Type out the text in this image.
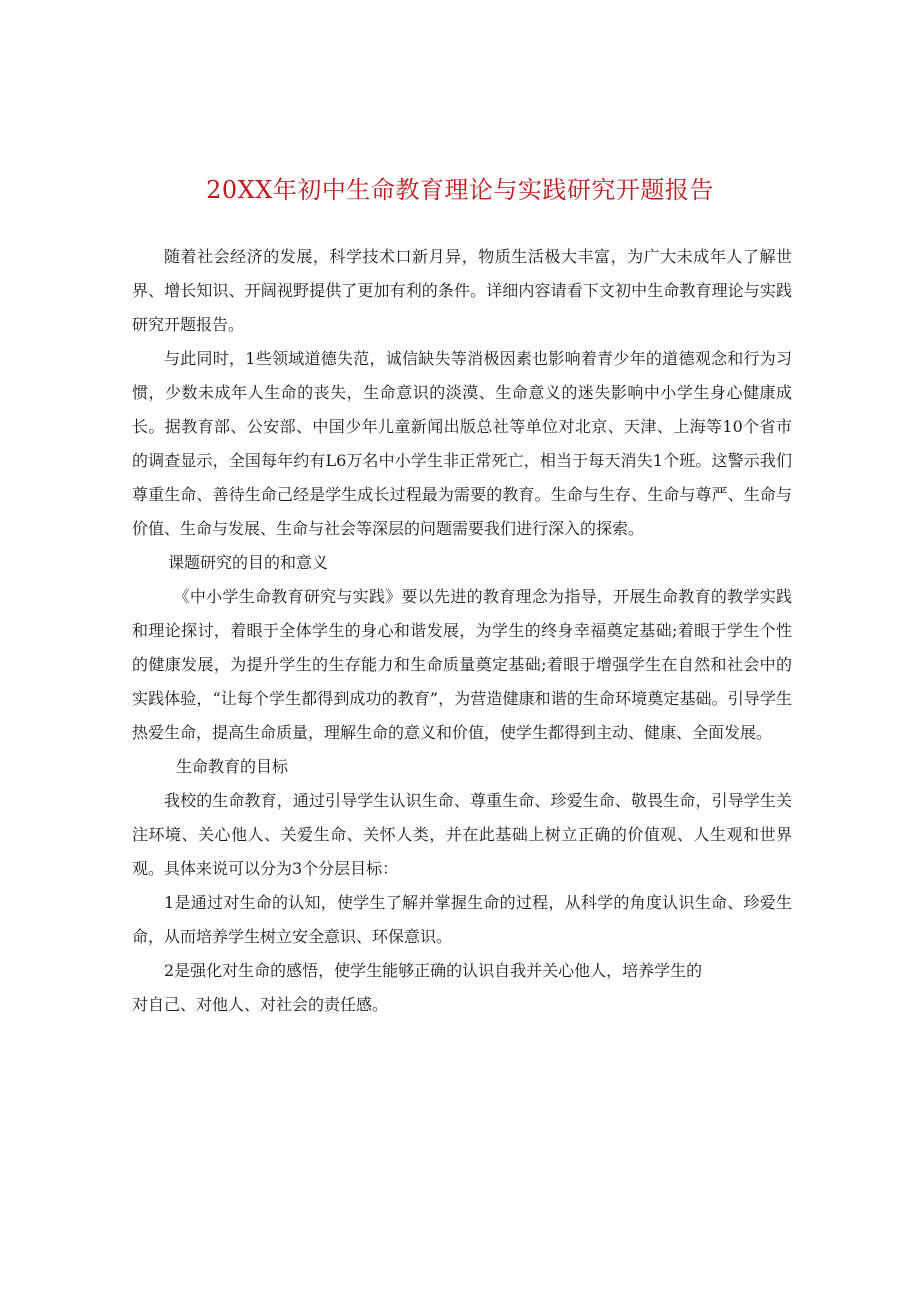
20XX年初中生命教育理论与实践研究开题报告

随着社会经济的发展，科学技术口新月异，物质生活极大丰富，为广大未成年人了解世界、增长知识、开阔视野提供了更加有利的条件。详细内容请看下文初中生命教育理论与实践研究开题报告。

与此同时，1些领域道德失范，诚信缺失等消极因素也影响着青少年的道德观念和行为习惯，少数未成年人生命的丧失，生命意识的淡漠、生命意义的迷失影响中小学生身心健康成长。据教育部、公安部、中国少年儿童新闻出版总社等单位对北京、天津、上海等10个省市的调查显示，全国每年约有L6万名中小学生非正常死亡，相当于每天消失1个班。这警示我们尊重生命、善待生命己经是学生成长过程最为需要的教育。生命与生存、生命与尊严、生命与价值、生命与发展、生命与社会等深层的问题需要我们进行深入的探索。

课题研究的目的和意义

《中小学生命教育研究与实践》要以先进的教育理念为指导，开展生命教育的教学实践和理论探讨，着眼于全体学生的身心和谐发展，为学生的终身幸福奠定基础;着眼于学生个性的健康发展，为提升学生的生存能力和生命质量奠定基础;着眼于增强学生在自然和社会中的实践体验，“让每个学生都得到成功的教育”，为营造健康和谐的生命环境奠定基础。引导学生热爱生命，提高生命质量，理解生命的意义和价值，使学生都得到主动、健康、全面发展。

生命教育的目标

我校的生命教育，通过引导学生认识生命、尊重生命、珍爱生命、敬畏生命，引导学生关注环境、关心他人、关爱生命、关怀人类，并在此基础上树立正确的价值观、人生观和世界观。具体来说可以分为3个分层目标：

1是通过对生命的认知，使学生了解并掌握生命的过程，从科学的角度认识生命、珍爱生命，从而培养学生树立安全意识、环保意识。

2是强化对生命的感悟，使学生能够正确的认识自我并关心他人，培养学生的

对自己、对他人、对社会的责任感。
